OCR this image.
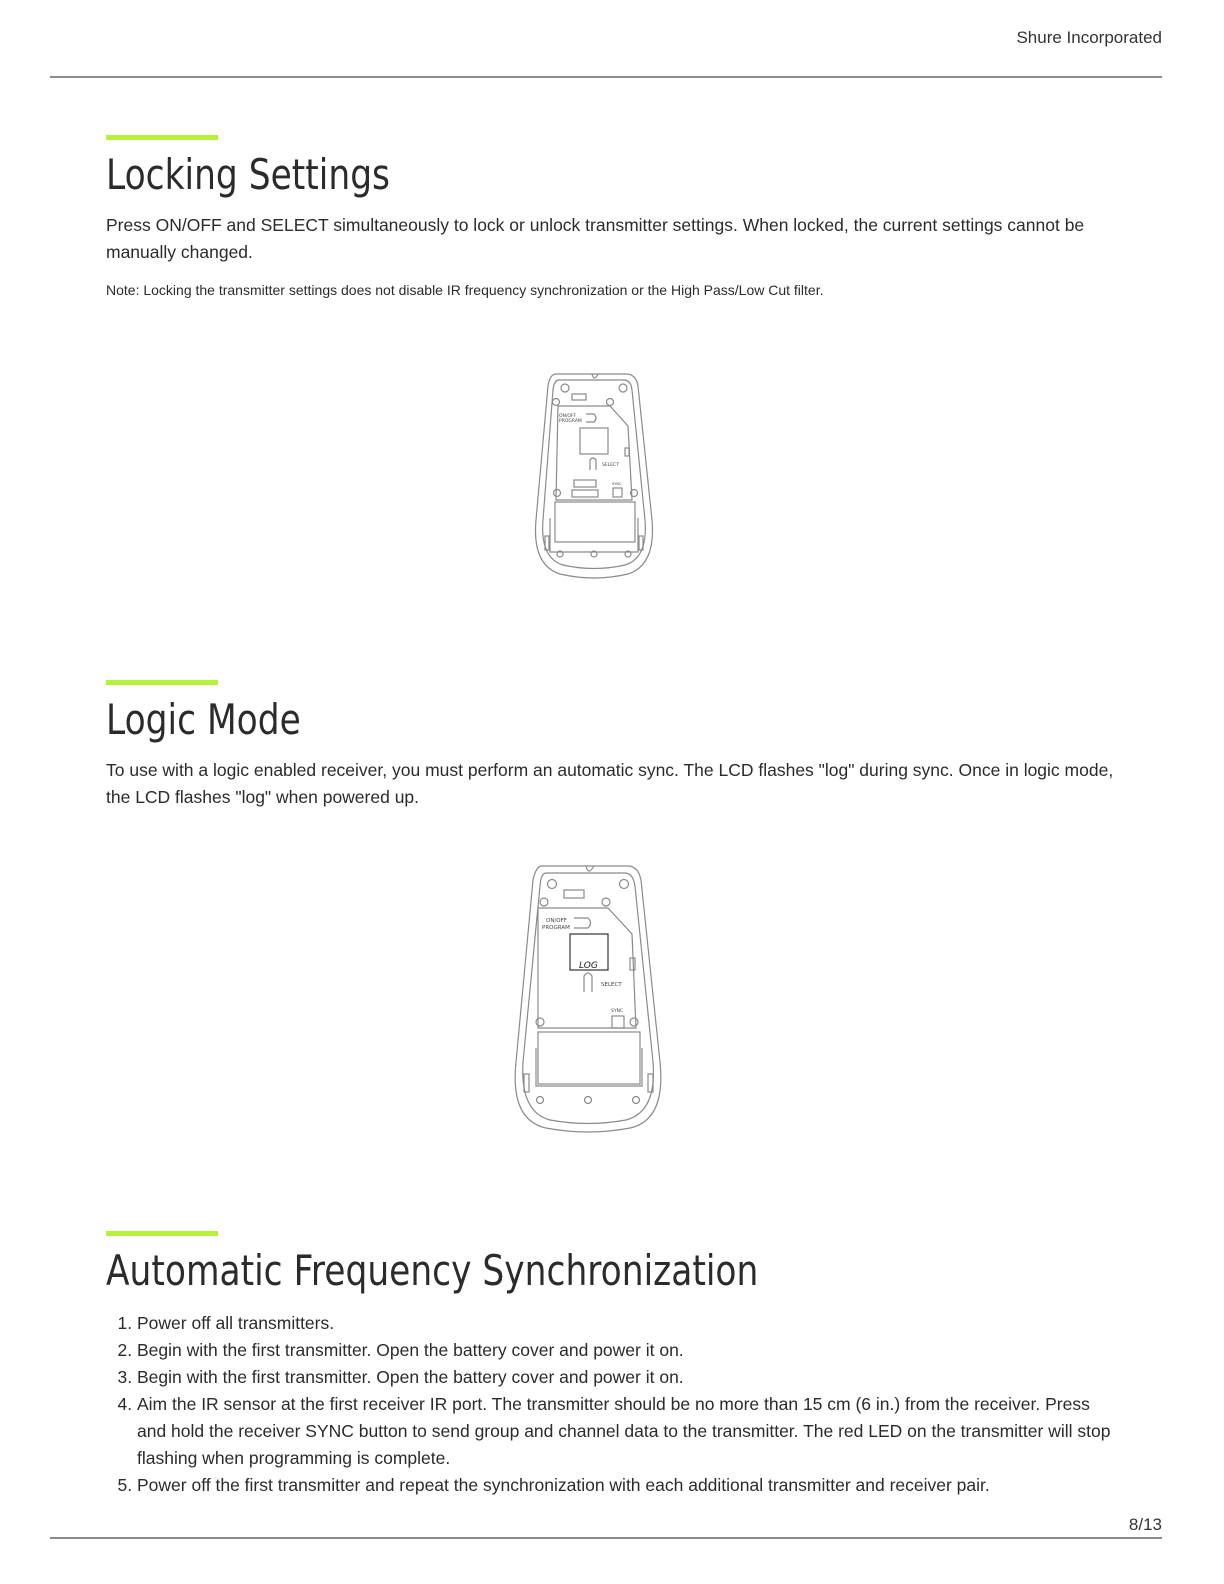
Shure Incorporated
Locking Settings

Press ON/OFF and SELECT simultaneously to lock or unlock transmitter settings. When locked, the current settings cannot be manually changed.

Note: Locking the transmitter settings does not disable IR frequency synchronization or the High Pass/Low Cut filter.

ON/OFF
PROGRAM
SELECT
SYNC
Logic Mode

To use with a logic enabled receiver, you must perform an automatic sync. The LCD flashes "log" during sync. Once in logic mode, the LCD flashes "log" when powered up.

ON/OFF
PROGRAM
SELECT
SYNC
LOG
Automatic Frequency Synchronization
1. Power off all transmitters.
2. Begin with the first transmitter. Open the battery cover and power it on.
3. Begin with the first transmitter. Open the battery cover and power it on.
4. Aim the IR sensor at the first receiver IR port. The transmitter should be no more than 15 cm (6 in.) from the receiver. Press and hold the receiver SYNC button to send group and channel data to the transmitter. The red LED on the transmitter will stop flashing when programming is complete.
5. Power off the first transmitter and repeat the synchronization with each additional transmitter and receiver pair.
8/13
